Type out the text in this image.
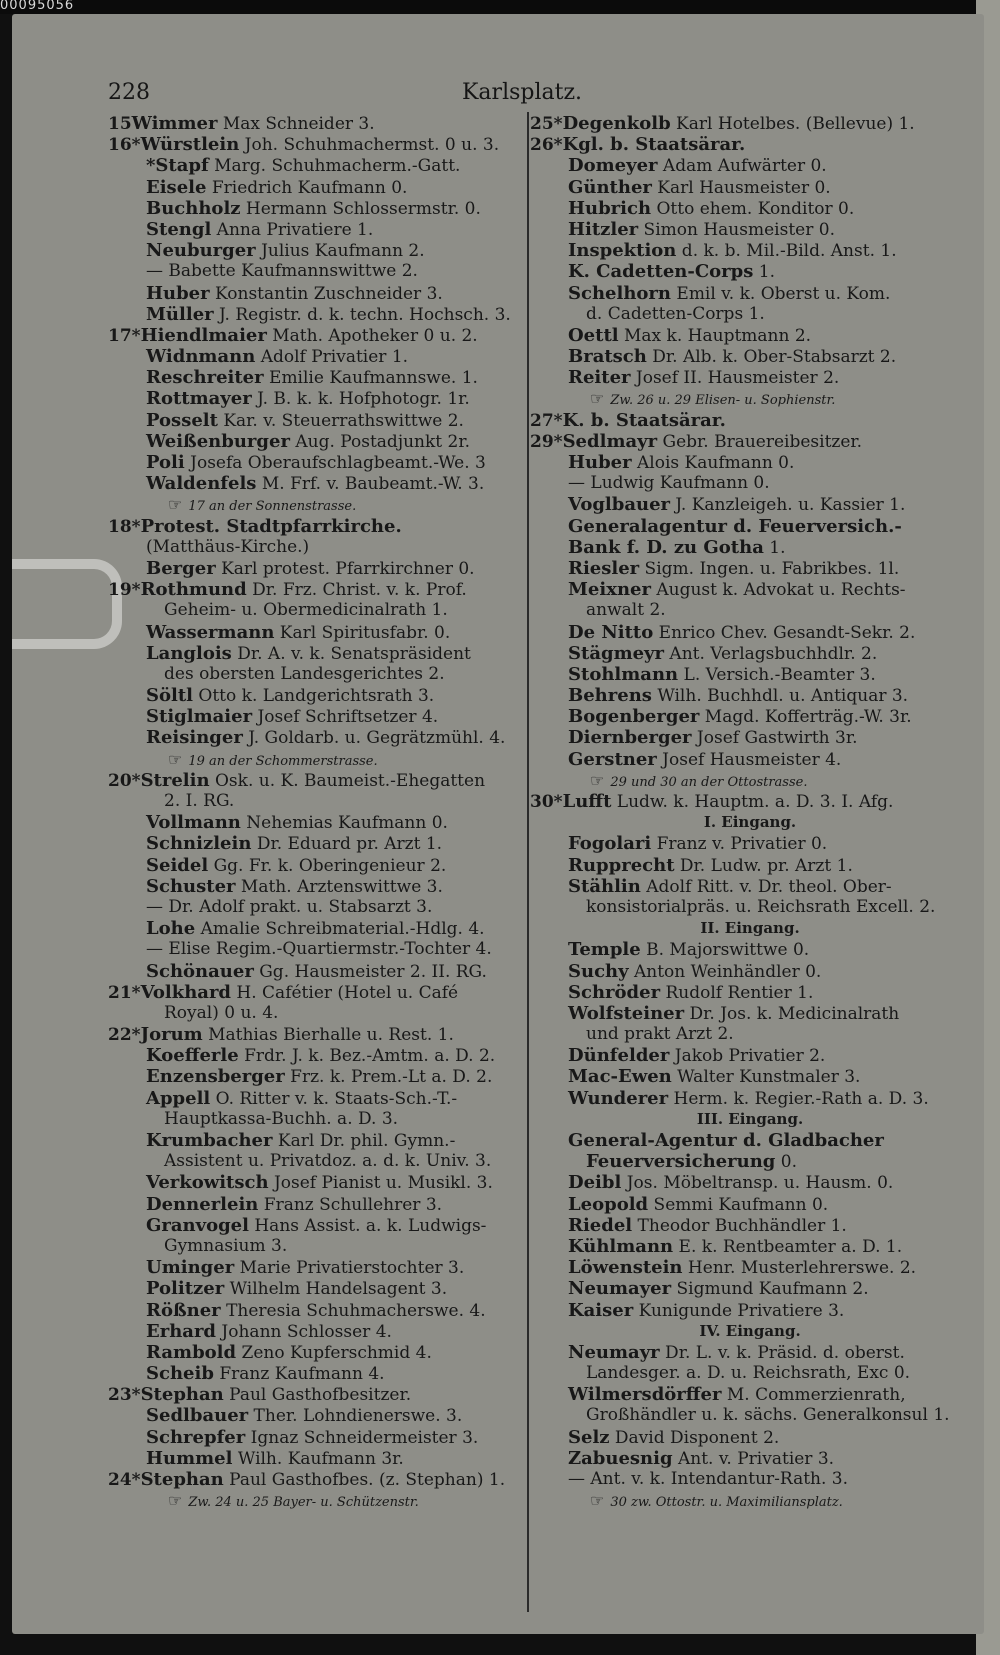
00095056
228	Karlsplatz.
15Wimmer Max Schneider 3.
16*Würstlein Joh. Schuhmachermst. 0 u. 3.
*Stapf Marg. Schuhmacherm.-Gatt.
Eisele Friedrich Kaufmann 0.
Buchholz Hermann Schlossermstr. 0.
Stengl Anna Privatiere 1.
Neuburger Julius Kaufmann 2.
— Babette Kaufmannswittwe 2.
Huber Konstantin Zuschneider 3.
Müller J. Registr. d. k. techn. Hochsch. 3.
17*Hiendlmaier Math. Apotheker 0 u. 2.
Widnmann Adolf Privatier 1.
Reschreiter Emilie Kaufmannswe. 1.
Rottmayer J. B. k. k. Hofphotogr. 1r.
Posselt Kar. v. Steuerrathswittwe 2.
Weißenburger Aug. Postadjunkt 2r.
Poli Josefa Oberaufschlagbeamt.-We. 3
Waldenfels M. Frf. v. Baubeamt.-W. 3.
☞ 17 an der Sonnenstrasse.
18*Protest. Stadtpfarrkirche.
(Matthäus-Kirche.)
Berger Karl protest. Pfarrkirchner 0.
19*Rothmund Dr. Frz. Christ. v. k. Prof.
Geheim- u. Obermedicinalrath 1.
Wassermann Karl Spiritusfabr. 0.
Langlois Dr. A. v. k. Senatspräsident
des obersten Landesgerichtes 2.
Söltl Otto k. Landgerichtsrath 3.
Stiglmaier Josef Schriftsetzer 4.
Reisinger J. Goldarb. u. Gegrätzmühl. 4.
☞ 19 an der Schommerstrasse.
20*Strelin Osk. u. K. Baumeist.-Ehegatten
2. I. RG.
Vollmann Nehemias Kaufmann 0.
Schnizlein Dr. Eduard pr. Arzt 1.
Seidel Gg. Fr. k. Oberingenieur 2.
Schuster Math. Arztenswittwe 3.
— Dr. Adolf prakt. u. Stabsarzt 3.
Lohe Amalie Schreibmaterial.-Hdlg. 4.
— Elise Regim.-Quartiermstr.-Tochter 4.
Schönauer Gg. Hausmeister 2. II. RG.
21*Volkhard H. Cafétier (Hotel u. Café
Royal) 0 u. 4.
22*Jorum Mathias Bierhalle u. Rest. 1.
Koefferle Frdr. J. k. Bez.-Amtm. a. D. 2.
Enzensberger Frz. k. Prem.-Lt a. D. 2.
Appell O. Ritter v. k. Staats-Sch.-T.-
Hauptkassa-Buchh. a. D. 3.
Krumbacher Karl Dr. phil. Gymn.-
Assistent u. Privatdoz. a. d. k. Univ. 3.
Verkowitsch Josef Pianist u. Musikl. 3.
Dennerlein Franz Schullehrer 3.
Granvogel Hans Assist. a. k. Ludwigs-
Gymnasium 3.
Uminger Marie Privatierstochter 3.
Politzer Wilhelm Handelsagent 3.
Rößner Theresia Schuhmacherswe. 4.
Erhard Johann Schlosser 4.
Rambold Zeno Kupferschmid 4.
Scheib Franz Kaufmann 4.
23*Stephan Paul Gasthofbesitzer.
Sedlbauer Ther. Lohndienerswe. 3.
Schrepfer Ignaz Schneidermeister 3.
Hummel Wilh. Kaufmann 3r.
24*Stephan Paul Gasthofbes. (z. Stephan) 1.
☞ Zw. 24 u. 25 Bayer- u. Schützenstr.
25*Degenkolb Karl Hotelbes. (Bellevue) 1.
26*Kgl. b. Staatsärar.
Domeyer Adam Aufwärter 0.
Günther Karl Hausmeister 0.
Hubrich Otto ehem. Konditor 0.
Hitzler Simon Hausmeister 0.
Inspektion d. k. b. Mil.-Bild. Anst. 1.
K. Cadetten-Corps 1.
Schelhorn Emil v. k. Oberst u. Kom.
d. Cadetten-Corps 1.
Oettl Max k. Hauptmann 2.
Bratsch Dr. Alb. k. Ober-Stabsarzt 2.
Reiter Josef II. Hausmeister 2.
☞ Zw. 26 u. 29 Elisen- u. Sophienstr.
27*K. b. Staatsärar.
29*Sedlmayr Gebr. Brauereibesitzer.
Huber Alois Kaufmann 0.
— Ludwig Kaufmann 0.
Voglbauer J. Kanzleigeh. u. Kassier 1.
Generalagentur d. Feuerversich.-
Bank f. D. zu Gotha 1.
Riesler Sigm. Ingen. u. Fabrikbes. 1l.
Meixner August k. Advokat u. Rechts-
anwalt 2.
De Nitto Enrico Chev. Gesandt-Sekr. 2.
Stägmeyr Ant. Verlagsbuchhdlr. 2.
Stohlmann L. Versich.-Beamter 3.
Behrens Wilh. Buchhdl. u. Antiquar 3.
Bogenberger Magd. Kofferträg.-W. 3r.
Diernberger Josef Gastwirth 3r.
Gerstner Josef Hausmeister 4.
☞ 29 und 30 an der Ottostrasse.
30*Lufft Ludw. k. Hauptm. a. D. 3. I. Afg.
I. Eingang.
Fogolari Franz v. Privatier 0.
Rupprecht Dr. Ludw. pr. Arzt 1.
Stählin Adolf Ritt. v. Dr. theol. Ober-
konsistorialpräs. u. Reichsrath Excell. 2.
II. Eingang.
Temple B. Majorswittwe 0.
Suchy Anton Weinhändler 0.
Schröder Rudolf Rentier 1.
Wolfsteiner Dr. Jos. k. Medicinalrath
und prakt Arzt 2.
Dünfelder Jakob Privatier 2.
Mac-Ewen Walter Kunstmaler 3.
Wunderer Herm. k. Regier.-Rath a. D. 3.
III. Eingang.
General-Agentur d. Gladbacher
Feuerversicherung 0.
Deibl Jos. Möbeltransp. u. Hausm. 0.
Leopold Semmi Kaufmann 0.
Riedel Theodor Buchhändler 1.
Kühlmann E. k. Rentbeamter a. D. 1.
Löwenstein Henr. Musterlehrerswe. 2.
Neumayer Sigmund Kaufmann 2.
Kaiser Kunigunde Privatiere 3.
IV. Eingang.
Neumayr Dr. L. v. k. Präsid. d. oberst.
Landesger. a. D. u. Reichsrath, Exc 0.
Wilmersdörffer M. Commerzienrath,
Großhändler u. k. sächs. Generalkonsul 1.
Selz David Disponent 2.
Zabuesnig Ant. v. Privatier 3.
— Ant. v. k. Intendantur-Rath. 3.
☞ 30 zw. Ottostr. u. Maximiliansplatz.
